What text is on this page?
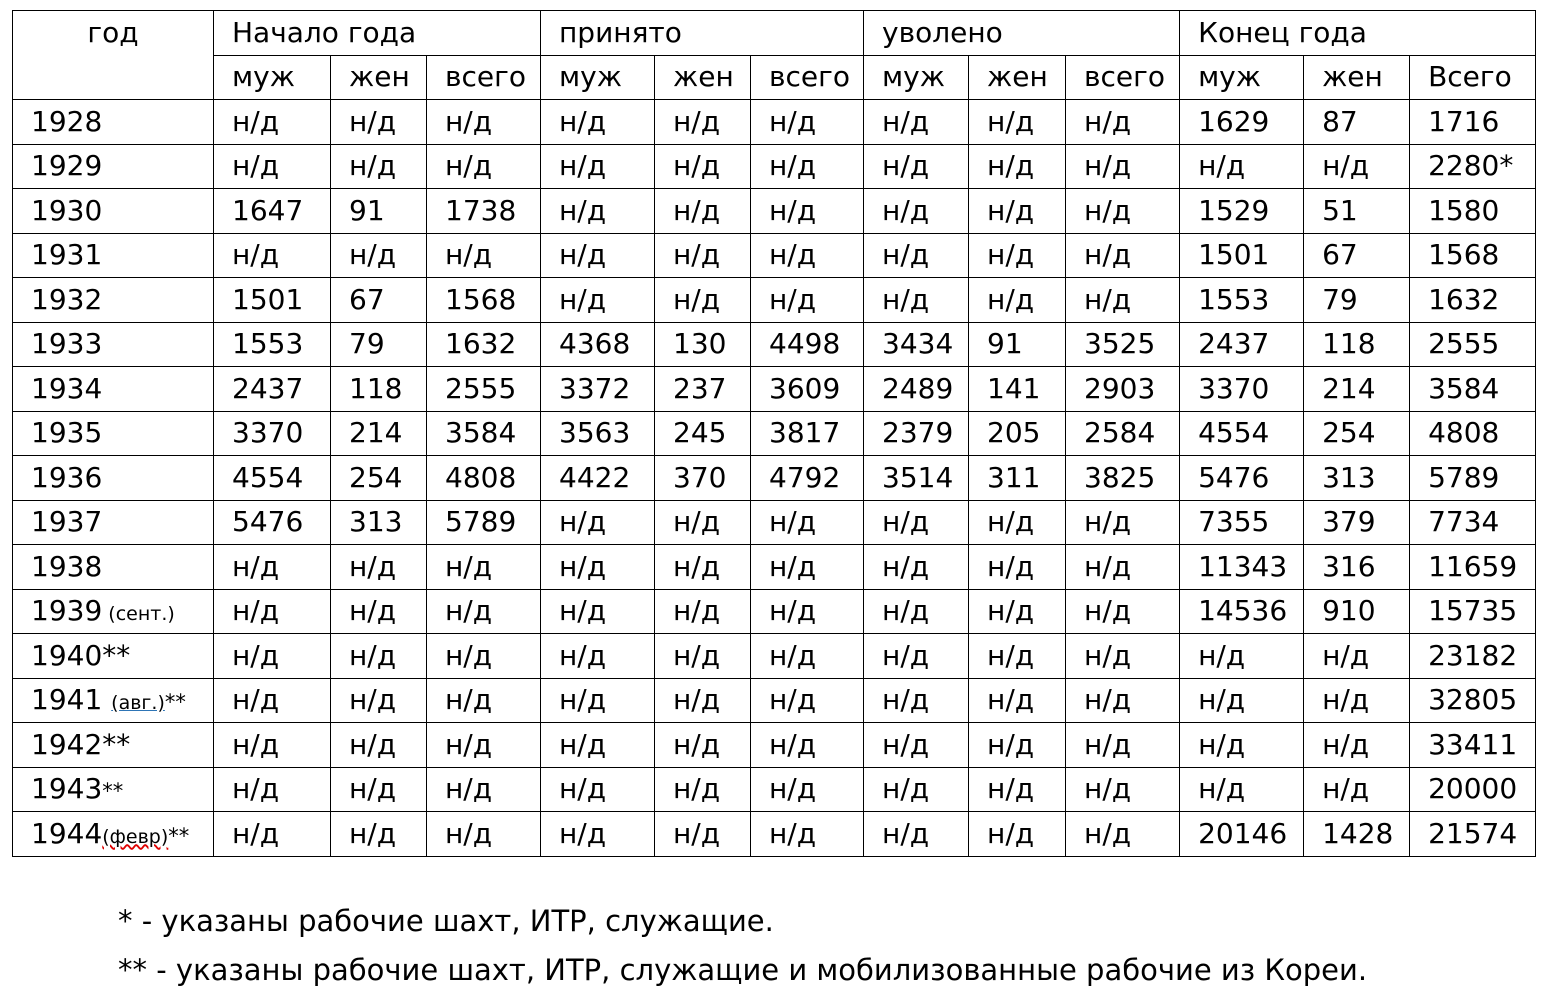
год	Начало года			принято			уволено			Конец года		
	муж	жен	всего	муж	жен	всего	муж	жен	всего	муж	жен	Всего
1928	н/д	н/д	н/д	н/д	н/д	н/д	н/д	н/д	н/д	1629	87	1716
1929	н/д	н/д	н/д	н/д	н/д	н/д	н/д	н/д	н/д	н/д	н/д	2280*
1930	1647	91	1738	н/д	н/д	н/д	н/д	н/д	н/д	1529	51	1580
1931	н/д	н/д	н/д	н/д	н/д	н/д	н/д	н/д	н/д	1501	67	1568
1932	1501	67	1568	н/д	н/д	н/д	н/д	н/д	н/д	1553	79	1632
1933	1553	79	1632	4368	130	4498	3434	91	3525	2437	118	2555
1934	2437	118	2555	3372	237	3609	2489	141	2903	3370	214	3584
1935	3370	214	3584	3563	245	3817	2379	205	2584	4554	254	4808
1936	4554	254	4808	4422	370	4792	3514	311	3825	5476	313	5789
1937	5476	313	5789	н/д	н/д	н/д	н/д	н/д	н/д	7355	379	7734
1938	н/д	н/д	н/д	н/д	н/д	н/д	н/д	н/д	н/д	11343	316	11659
1939 (сент.)	н/д	н/д	н/д	н/д	н/д	н/д	н/д	н/д	н/д	14536	910	15735
1940**	н/д	н/д	н/д	н/д	н/д	н/д	н/д	н/д	н/д	н/д	н/д	23182
1941 (авг.)**	н/д	н/д	н/д	н/д	н/д	н/д	н/д	н/д	н/д	н/д	н/д	32805
1942**	н/д	н/д	н/д	н/д	н/д	н/д	н/д	н/д	н/д	н/д	н/д	33411
1943**	н/д	н/д	н/д	н/д	н/д	н/д	н/д	н/д	н/д	н/д	н/д	20000
1944(февр)**	н/д	н/д	н/д	н/д	н/д	н/д	н/д	н/д	н/д	20146	1428	21574
* - указаны рабочие шахт, ИТР, служащие.
** - указаны рабочие шахт, ИТР, служащие и мобилизованные рабочие из Кореи.
